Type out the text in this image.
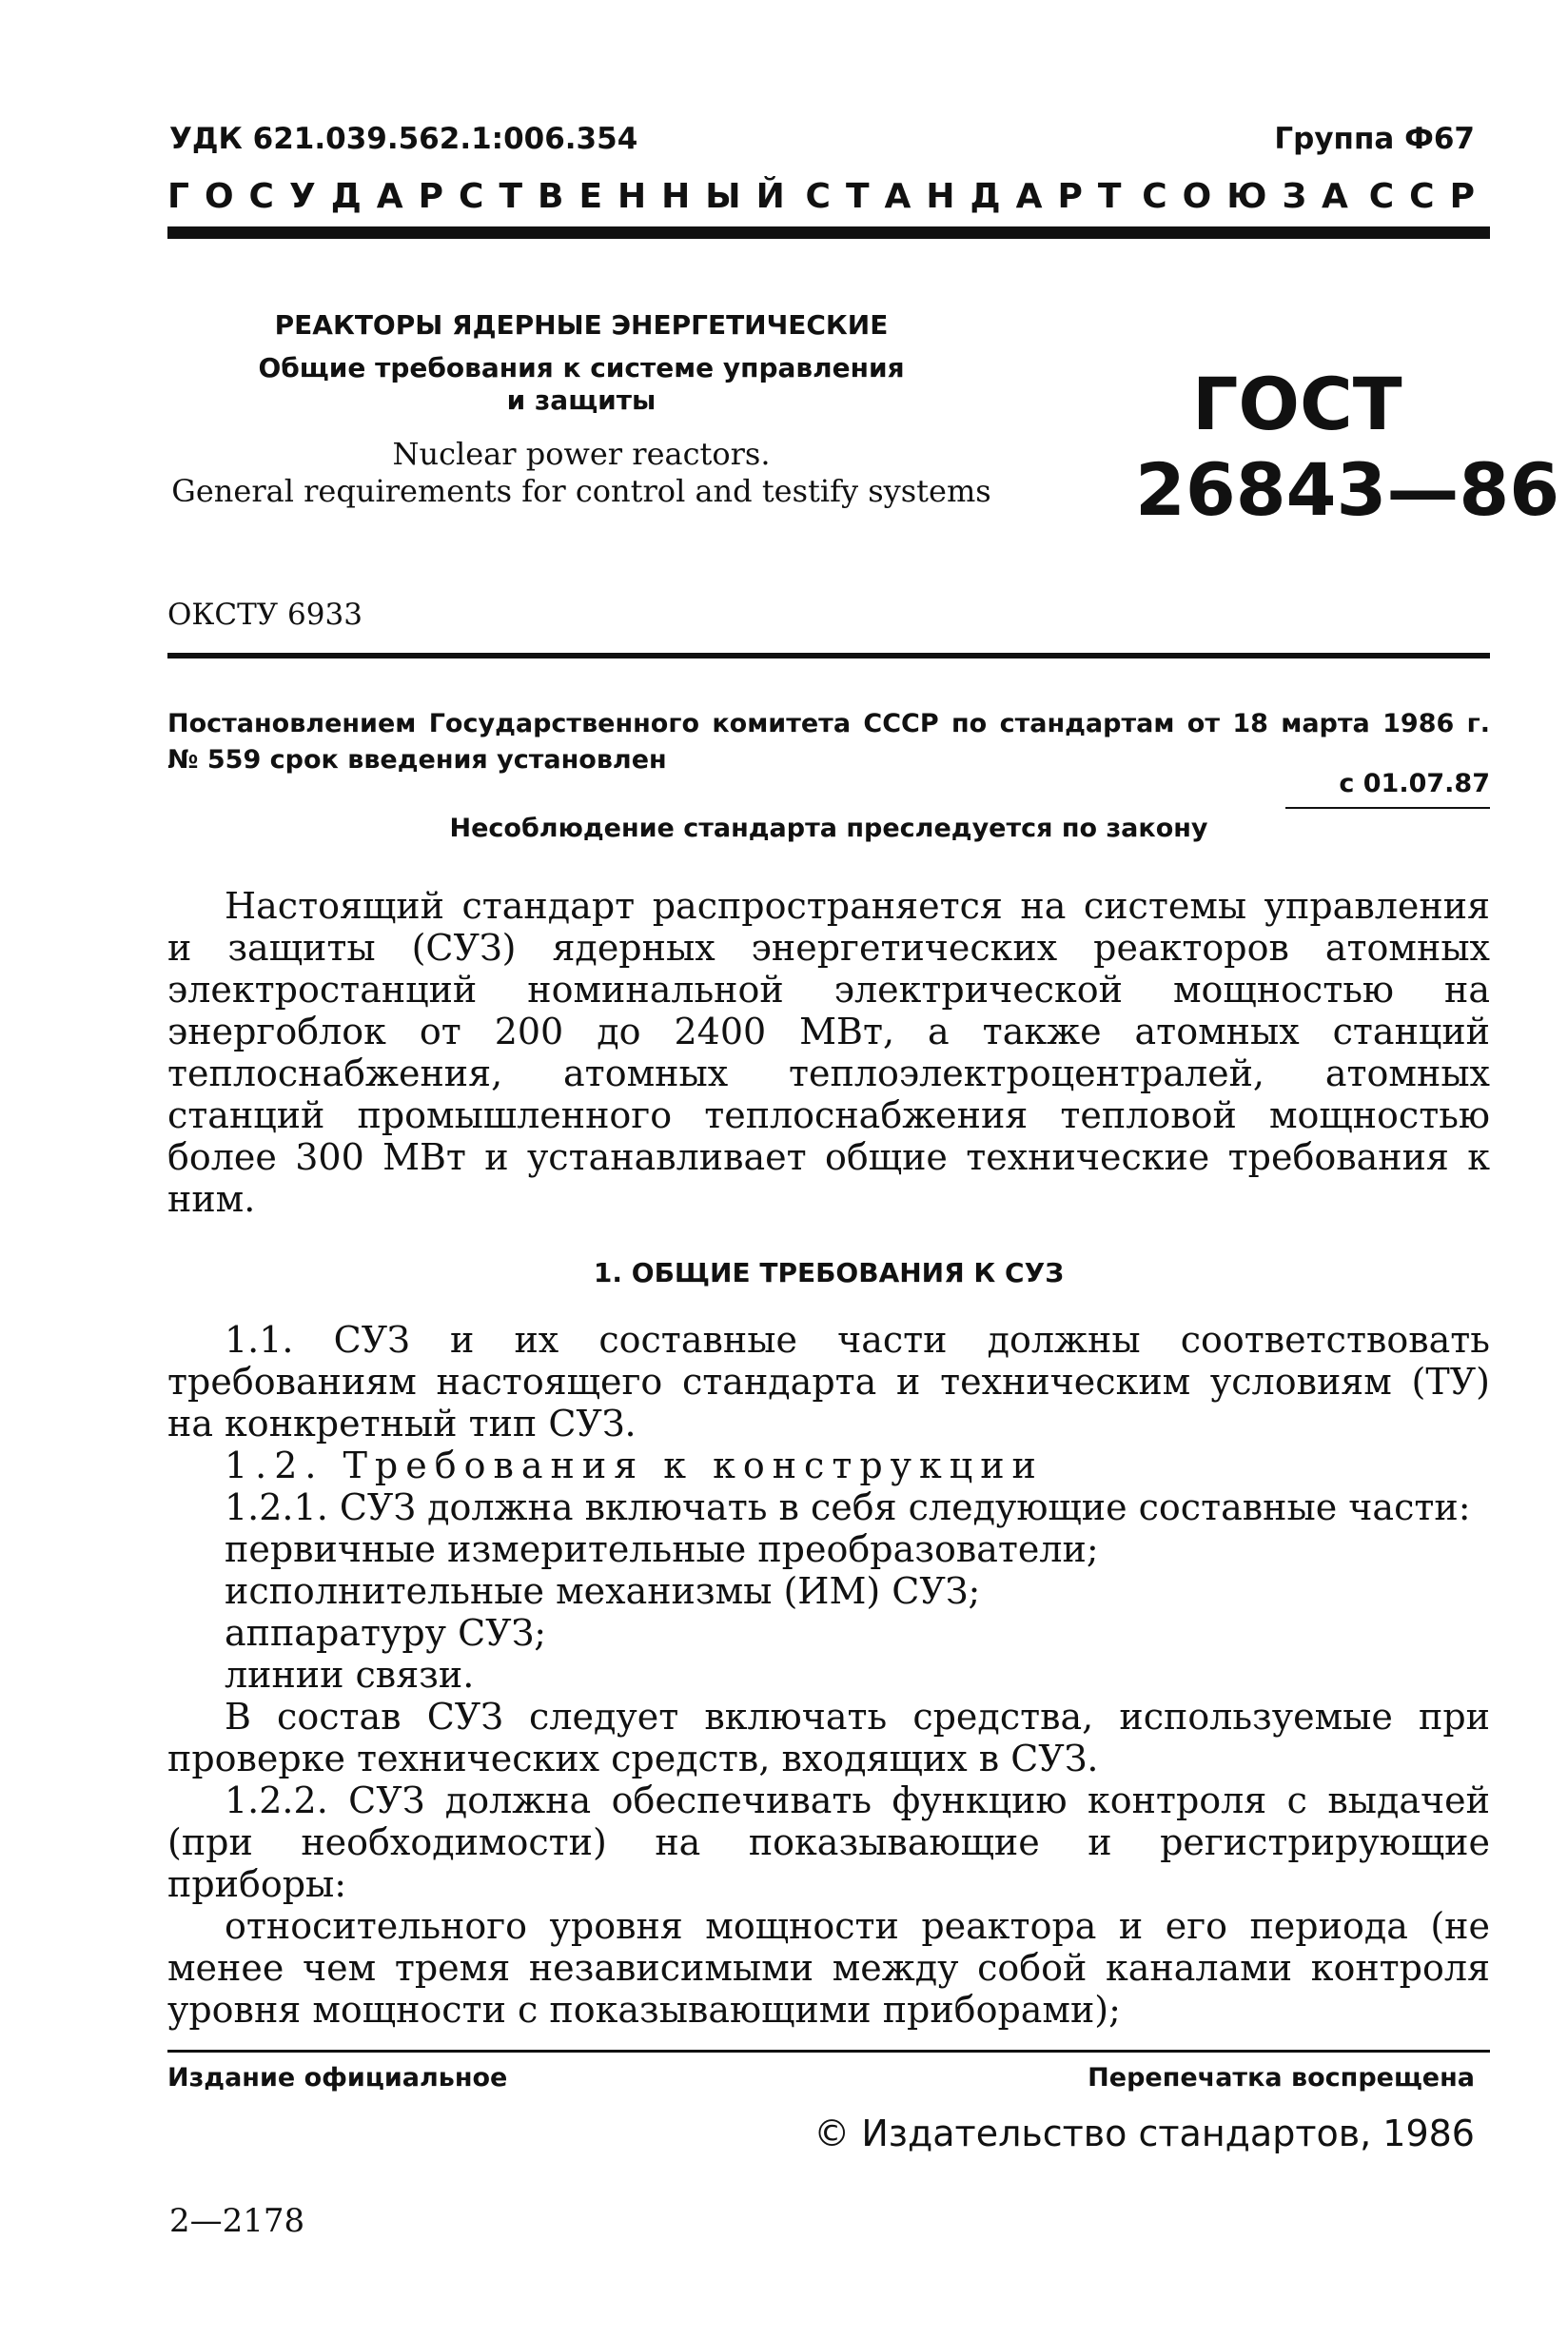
УДК 621.039.562.1:006.354	Группа Ф67
ГОСУДАРСТВЕННЫЙ СТАНДАРТ СОЮЗА ССР
РЕАКТОРЫ ЯДЕРНЫЕ ЭНЕРГЕТИЧЕСКИЕ
Общие требования к системе управления
и защиты
Nuclear power reactors.
General requirements for control and testify systems
ГОСТ
26843—86
ОКСТУ 6933
Постановлением Государственного комитета СССР по стандартам от 18 марта 1986 г. № 559 срок введения установлен
с 01.07.87
Несоблюдение стандарта преследуется по закону

Настоящий стандарт распространяется на системы управления и защиты (СУЗ) ядерных энергетических реакторов атомных электростанций номинальной электрической мощностью на энергоблок от 200 до 2400 МВт, а также атомных станций теплоснабжения, атомных теплоэлектроцентралей, атомных станций промышленного теплоснабжения тепловой мощностью более 300 МВт и устанавливает общие технические требования к ним.

1. ОБЩИЕ ТРЕБОВАНИЯ К СУЗ

1.1. СУЗ и их составные части должны соответствовать требованиям настоящего стандарта и техническим условиям (ТУ) на конкретный тип СУЗ.

1.2. Требования к конструкции

1.2.1. СУЗ должна включать в себя следующие составные части:

первичные измерительные преобразователи;

исполнительные механизмы (ИМ) СУЗ;

аппаратуру СУЗ;

линии связи.

В состав СУЗ следует включать средства, используемые при проверке технических средств, входящих в СУЗ.

1.2.2. СУЗ должна обеспечивать функцию контроля с выдачей (при необходимости) на показывающие и регистрирующие приборы:

относительного уровня мощности реактора и его периода (не менее чем тремя независимыми между собой каналами контроля уровня мощности с показывающими приборами);

Издание официальное	Перепечатка воспрещена
© Издательство стандартов, 1986
2—2178
